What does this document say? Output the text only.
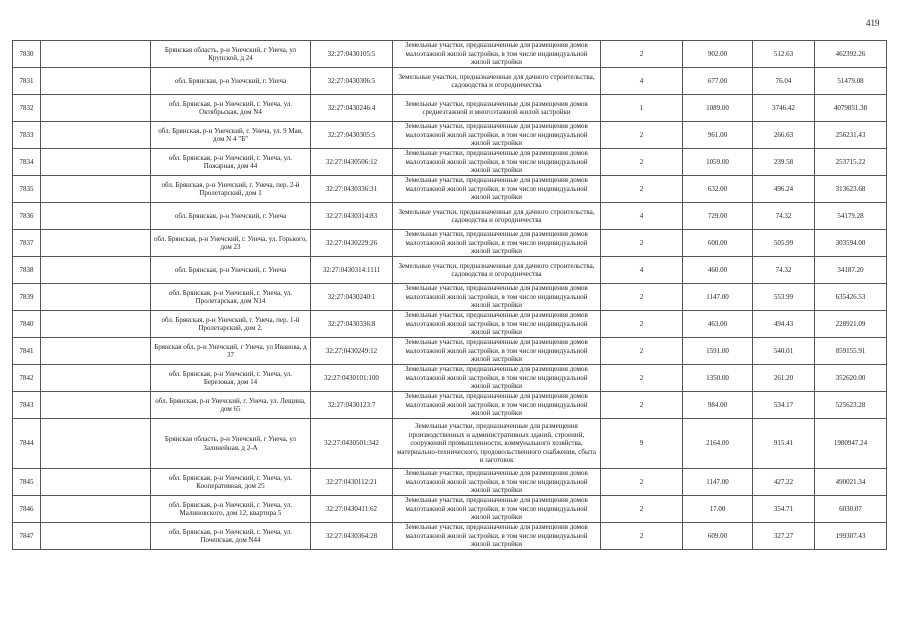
419
7830		Брянская область, р-н Унечский, г Унеча, ул Крупской, д 24	32:27:0430105:5	Земельные участки, предназначенные для размещения домов малоэтажной жилой застройки, в том числе индивидуальной жилой застройки	2	902.00	512.63	462392.26
7831		обл. Брянская, р-н Унечский, г. Унеча	32:27:0430306:5	Земельные участки, предназначенные для дачного строительства, садоводства и огородничества	4	677.00	76.04	51479.08
7832		обл. Брянская, р-н Унечский, г. Унеча, ул. Октябрьская, дом N4	32:27:0430246:4	Земельные участки, предназначенные для размещения домов среднеэтажной и многоэтажной жилой застройки	1	1089.00	3746.42	4079851.38
7833		обл. Брянская, р-н Унечский, г. Унеча, ул. 9 Мая, дом N 4 "Б"	32:27:0430305:5	Земельные участки, предназначенные для размещения домов малоэтажной жилой застройки, в том числе индивидуальной жилой застройки	2	961.00	266.63	256231.43
7834		обл. Брянская, р-н Унечский, г. Унеча, ул. Пожарная, дом 44	32:27:0430506:12	Земельные участки, предназначенные для размещения домов малоэтажной жилой застройки, в том числе индивидуальной жилой застройки	2	1059.00	239.58	253715.22
7835		обл. Брянская, р-н Унечский, г. Унеча, пер. 2-й Пролетарский, дом 1	32:27:0430336:31	Земельные участки, предназначенные для размещения домов малоэтажной жилой застройки, в том числе индивидуальной жилой застройки	2	632.00	496.24	313623.68
7836		обл. Брянская, р-н Унечский, г. Унеча	32:27:0430314:83	Земельные участки, предназначенные для дачного строительства, садоводства и огородничества	4	729.00	74.32	54179.28
7837		обл. Брянская, р-н Унечский, г. Унеча, ул. Горького, дом 23	32:27:0430229:26	Земельные участки, предназначенные для размещения домов малоэтажной жилой застройки, в том числе индивидуальной жилой застройки	2	600.00	505.99	303594.00
7838		обл. Брянская, р-н Унечский, г. Унеча	32:27:0430314:1111	Земельные участки, предназначенные для дачного строительства, садоводства и огородничества	4	460.00	74.32	34187.20
7839		обл. Брянская, р-н Унечский, г. Унеча, ул. Пролетарская, дом N14	32:27:0430240:1	Земельные участки, предназначенные для размещения домов малоэтажной жилой застройки, в том числе индивидуальной жилой застройки	2	1147.00	553.99	635426.53
7840		обл. Брянская, р-н Унечский, г. Унеча, пер. 1-й Пролетарский, дом 2.	32:27:0430336:8	Земельные участки, предназначенные для размещения домов малоэтажной жилой застройки, в том числе индивидуальной жилой застройки	2	463.00	494.43	228921.09
7841		Брянская обл, р-н Унечский, г Унеча, ул Иванова, д 37	32:27:0430249:12	Земельные участки, предназначенные для размещения домов малоэтажной жилой застройки, в том числе индивидуальной жилой застройки	2	1591.00	540.01	859155.91
7842		обл. Брянская, р-н Унечский, г. Унеча, ул. Березовая, дом 14	32:27:0430101:100	Земельные участки, предназначенные для размещения домов малоэтажной жилой застройки, в том числе индивидуальной жилой застройки	2	1350.00	261.20	352620.00
7843		обл. Брянская, р-н Унечский, г. Унеча, ул. Лещина, дом 65	32:27:0430123:7	Земельные участки, предназначенные для размещения домов малоэтажной жилой застройки, в том числе индивидуальной жилой застройки	2	984.00	534.17	525623.28
7844		Брянская область, р-н Унечский, г Унеча, ул Залинейная, д 2-А	32:27:0430501:342	Земельные участки, предназначенные для размещения производственных и административных зданий, строений, сооружений промышленности, коммунального хозяйства, материально-технического, продовольственного снабжения, сбыта и заготовок	9	2164.00	915.41	1980947.24
7845		обл. Брянская, р-н Унечский, г. Унеча, ул. Кооперативная, дом 25	32:27:0430112:21	Земельные участки, предназначенные для размещения домов малоэтажной жилой застройки, в том числе индивидуальной жилой застройки	2	1147.00	427.22	490021.34
7846		обл. Брянская, р-н Унечский, г. Унеча, ул. Малиновского, дом 12, квартира 5	32:27:0430411:62	Земельные участки, предназначенные для размещения домов малоэтажной жилой застройки, в том числе индивидуальной жилой застройки	2	17.00	354.71	6030.07
7847		обл. Брянская, р-н Унечский, г. Унеча, ул. Почепская, дом N44	32:27:0430364:28	Земельные участки, предназначенные для размещения домов малоэтажной жилой застройки, в том числе индивидуальной жилой застройки	2	609.00	327.27	199307.43
